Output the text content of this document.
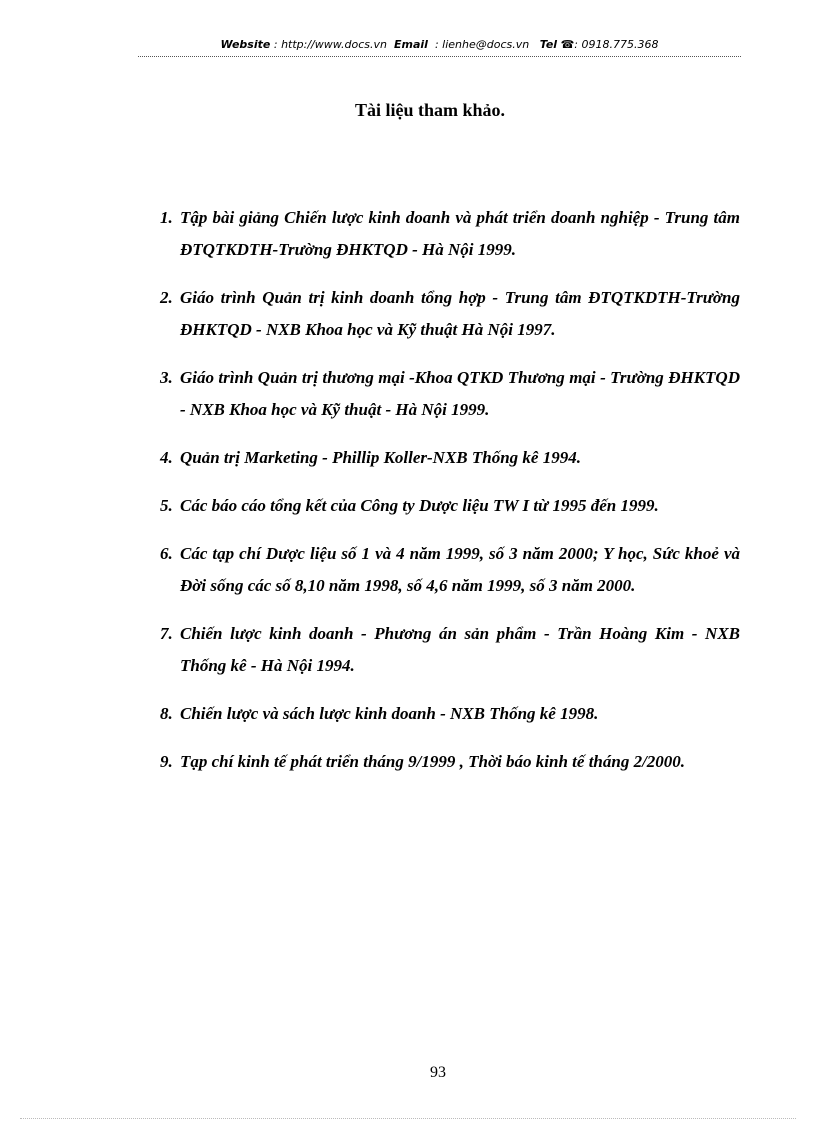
Website : http://www.docs.vn Email  : lienhe@docs.vn Tel ☎: 0918.775.368
Tài liệu tham khảo.
1. Tập bài giảng Chiến lược kinh doanh và phát triển doanh nghiệp - Trung tâm ĐTQTKDTH-Trường ĐHKTQD - Hà Nội 1999.
2. Giáo trình Quản trị kinh doanh tổng hợp - Trung tâm ĐTQTKDTH-Trường ĐHKTQD - NXB Khoa học và Kỹ thuật Hà Nội 1997.
3. Giáo trình Quản trị thương mại -Khoa QTKD Thương mại - Trường ĐHKTQD - NXB Khoa học và Kỹ thuật - Hà Nội 1999.
4. Quản trị Marketing - Phillip Koller-NXB Thống kê 1994.
5. Các báo cáo tổng kết của Công ty Dược liệu TW I từ 1995 đến 1999.
6. Các tạp chí Dược liệu số 1 và 4 năm 1999, số 3 năm 2000; Y học, Sức khoẻ và Đời sống các số 8,10 năm 1998, số 4,6 năm 1999, số 3 năm 2000.
7. Chiến lược kinh doanh - Phương án sản phẩm - Trần Hoàng Kim - NXB Thống kê - Hà Nội 1994.
8. Chiến lược và sách lược kinh doanh - NXB Thống kê 1998.
9. Tạp chí kinh tế phát triển tháng 9/1999 , Thời báo kinh tế tháng 2/2000.
93
